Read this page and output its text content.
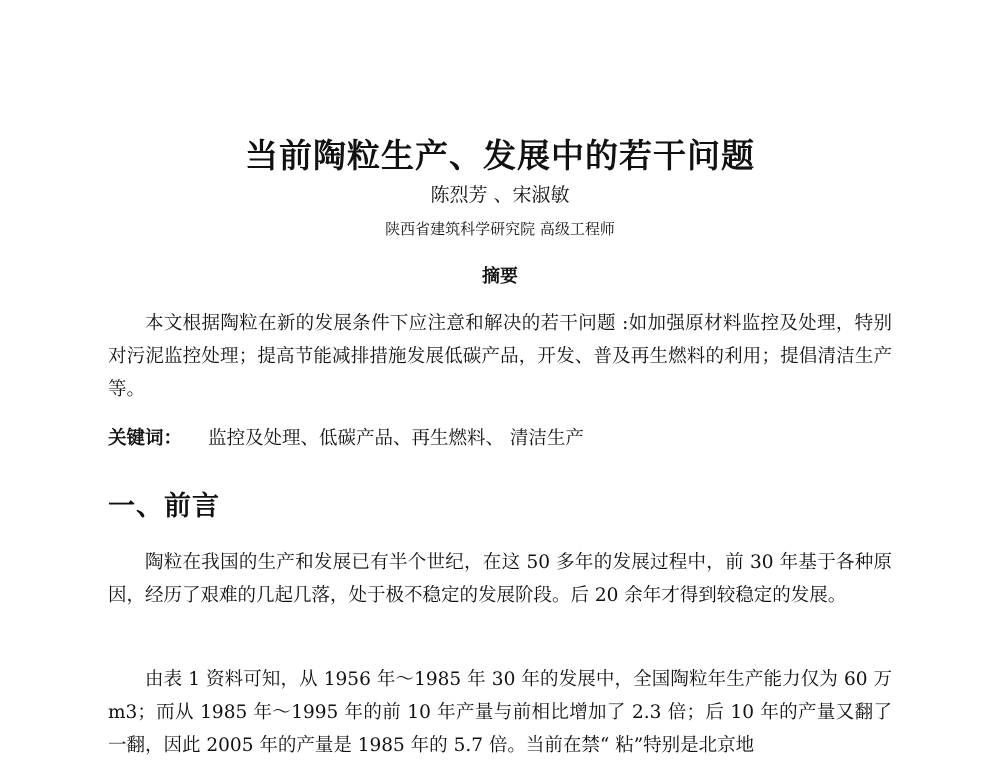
当前陶粒生产、发展中的若干问题
陈烈芳 、宋淑敏
陕西省建筑科学研究院 高级工程师
摘要
本文根据陶粒在新的发展条件下应注意和解决的若干问题 :如加强原材料监控及处理，特别对污泥监控处理；提高节能减排措施发展低碳产品，开发、普及再生燃料的利用；提倡清洁生产等。
关键词： 监控及处理、低碳产品、再生燃料、 清洁生产
一、前言
陶粒在我国的生产和发展已有半个世纪，在这 50 多年的发展过程中，前 30 年基于各种原因，经历了艰难的几起几落，处于极不稳定的发展阶段。后 20 余年才得到较稳定的发展。
由表 1 资料可知，从 1956 年～1985 年 30 年的发展中，全国陶粒年生产能力仅为 60 万 m3；而从 1985 年～1995 年的前 10 年产量与前相比增加了 2.3 倍；后 10 年的产量又翻了一翻，因此 2005 年的产量是 1985 年的 5.7 倍。当前在禁“ 粘”特别是北京地
